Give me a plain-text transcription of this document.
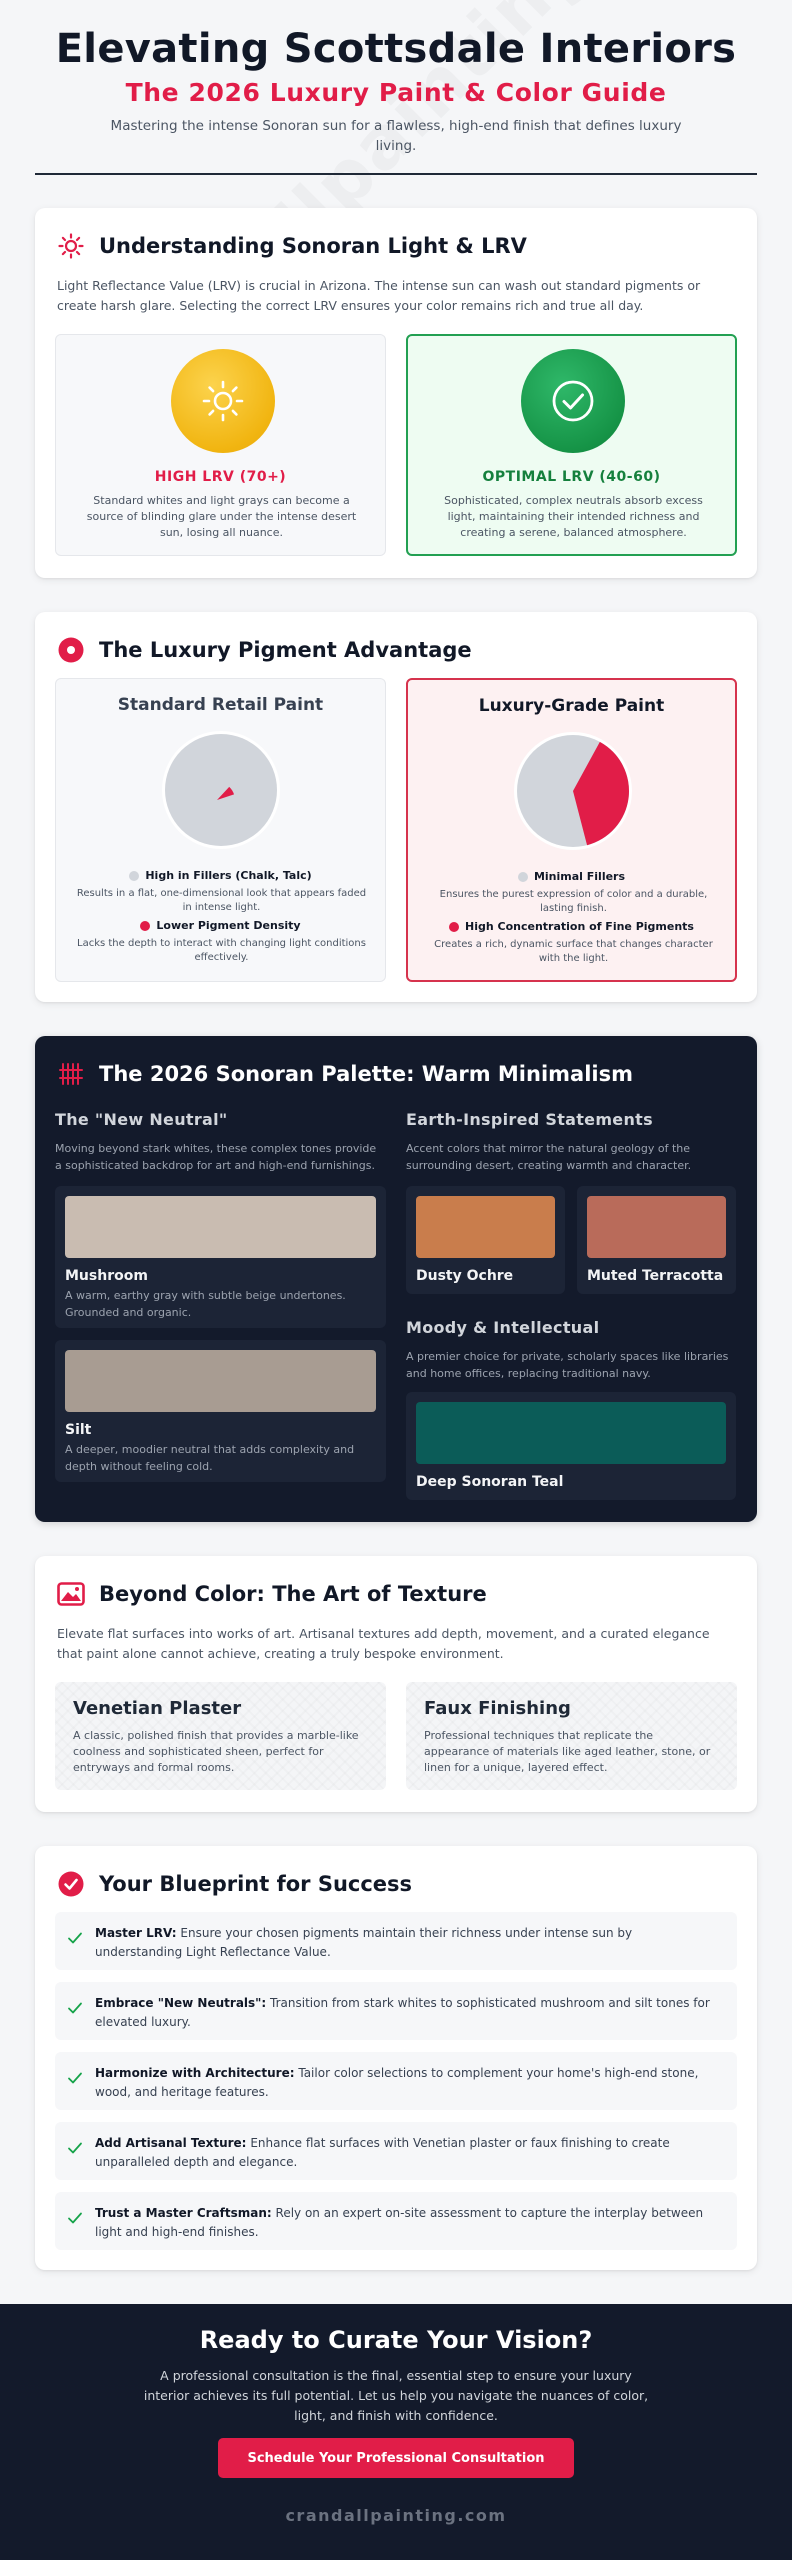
Elevating Scottsdale Interiors
The 2026 Luxury Paint & Color Guide

Mastering the intense Sonoran sun for a flawless, high-end finish that defines luxury living.

Understanding Sonoran Light & LRV

Light Reflectance Value (LRV) is crucial in Arizona. The intense sun can wash out standard pigments or create harsh glare. Selecting the correct LRV ensures your color remains rich and true all day.

HIGH LRV (70+)

Standard whites and light grays can become a source of blinding glare under the intense desert sun, losing all nuance.

OPTIMAL LRV (40-60)

Sophisticated, complex neutrals absorb excess light, maintaining their intended richness and creating a serene, balanced atmosphere.

The Luxury Pigment Advantage
Standard Retail Paint
High in Fillers (Chalk, Talc)

Results in a flat, one-dimensional look that appears faded in intense light.

Lower Pigment Density

Lacks the depth to interact with changing light conditions effectively.

Luxury-Grade Paint
Minimal Fillers

Ensures the purest expression of color and a durable, lasting finish.

High Concentration of Fine Pigments

Creates a rich, dynamic surface that changes character with the light.

The 2026 Sonoran Palette: Warm Minimalism
The "New Neutral"

Moving beyond stark whites, these complex tones provide a sophisticated backdrop for art and high-end furnishings.

Mushroom

A warm, earthy gray with subtle beige undertones. Grounded and organic.

Silt

A deeper, moodier neutral that adds complexity and depth without feeling cold.

Earth-Inspired Statements

Accent colors that mirror the natural geology of the surrounding desert, creating warmth and character.

Dusty Ochre	Muted Terracotta
Moody & Intellectual

A premier choice for private, scholarly spaces like libraries and home offices, replacing traditional navy.

Deep Sonoran Teal
Beyond Color: The Art of Texture

Elevate flat surfaces into works of art. Artisanal textures add depth, movement, and a curated elegance that paint alone cannot achieve, creating a truly bespoke environment.

Venetian Plaster

A classic, polished finish that provides a marble-like coolness and sophisticated sheen, perfect for entryways and formal rooms.

Faux Finishing

Professional techniques that replicate the appearance of materials like aged leather, stone, or linen for a unique, layered effect.

Your Blueprint for Success

Master LRV: Ensure your chosen pigments maintain their richness under intense sun by understanding Light Reflectance Value.

Embrace "New Neutrals": Transition from stark whites to sophisticated mushroom and silt tones for elevated luxury.

Harmonize with Architecture: Tailor color selections to complement your home's high-end stone, wood, and heritage features.

Add Artisanal Texture: Enhance flat surfaces with Venetian plaster or faux finishing to create unparalleled depth and elegance.

Trust a Master Craftsman: Rely on an expert on-site assessment to capture the interplay between light and high-end finishes.

Ready to Curate Your Vision?

A professional consultation is the final, essential step to ensure your luxury interior achieves its full potential. Let us help you navigate the nuances of color, light, and finish with confidence.

Schedule Your Professional Consultation
crandallpainting.com
